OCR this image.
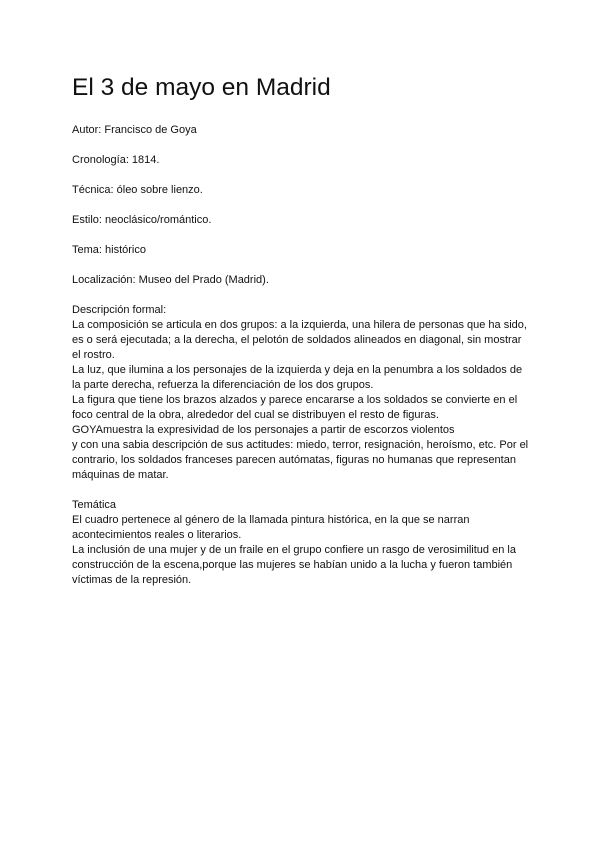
El 3 de mayo en Madrid
Autor: Francisco de Goya
Cronología: 1814.
Técnica: óleo sobre lienzo.
Estilo: neoclásico/romántico.
Tema: histórico
Localización: Museo del Prado (Madrid).

Descripción formal:

La composición se articula en dos grupos: a la izquierda, una hilera de personas que ha sido, es o será ejecutada; a la derecha, el pelotón de soldados alineados en diagonal, sin mostrar el rostro.

La luz, que ilumina a los personajes de la izquierda y deja en la penumbra a los soldados de la parte derecha, refuerza la diferenciación de los dos grupos.

La figura que tiene los brazos alzados y parece encararse a los soldados se convierte en el foco central de la obra, alrededor del cual se distribuyen el resto de figuras.

GOYAmuestra la expresividad de los personajes a partir de escorzos violentos

y con una sabia descripción de sus actitudes: miedo, terror, resignación, heroísmo, etc. Por el contrario, los soldados franceses parecen autómatas, figuras no humanas que representan máquinas de matar.

Temática

El cuadro pertenece al género de la llamada pintura histórica, en la que se narran acontecimientos reales o literarios.

La inclusión de una mujer y de un fraile en el grupo confiere un rasgo de verosimilitud en la construcción de la escena,porque las mujeres se habían unido a la lucha y fueron también víctimas de la represión.
